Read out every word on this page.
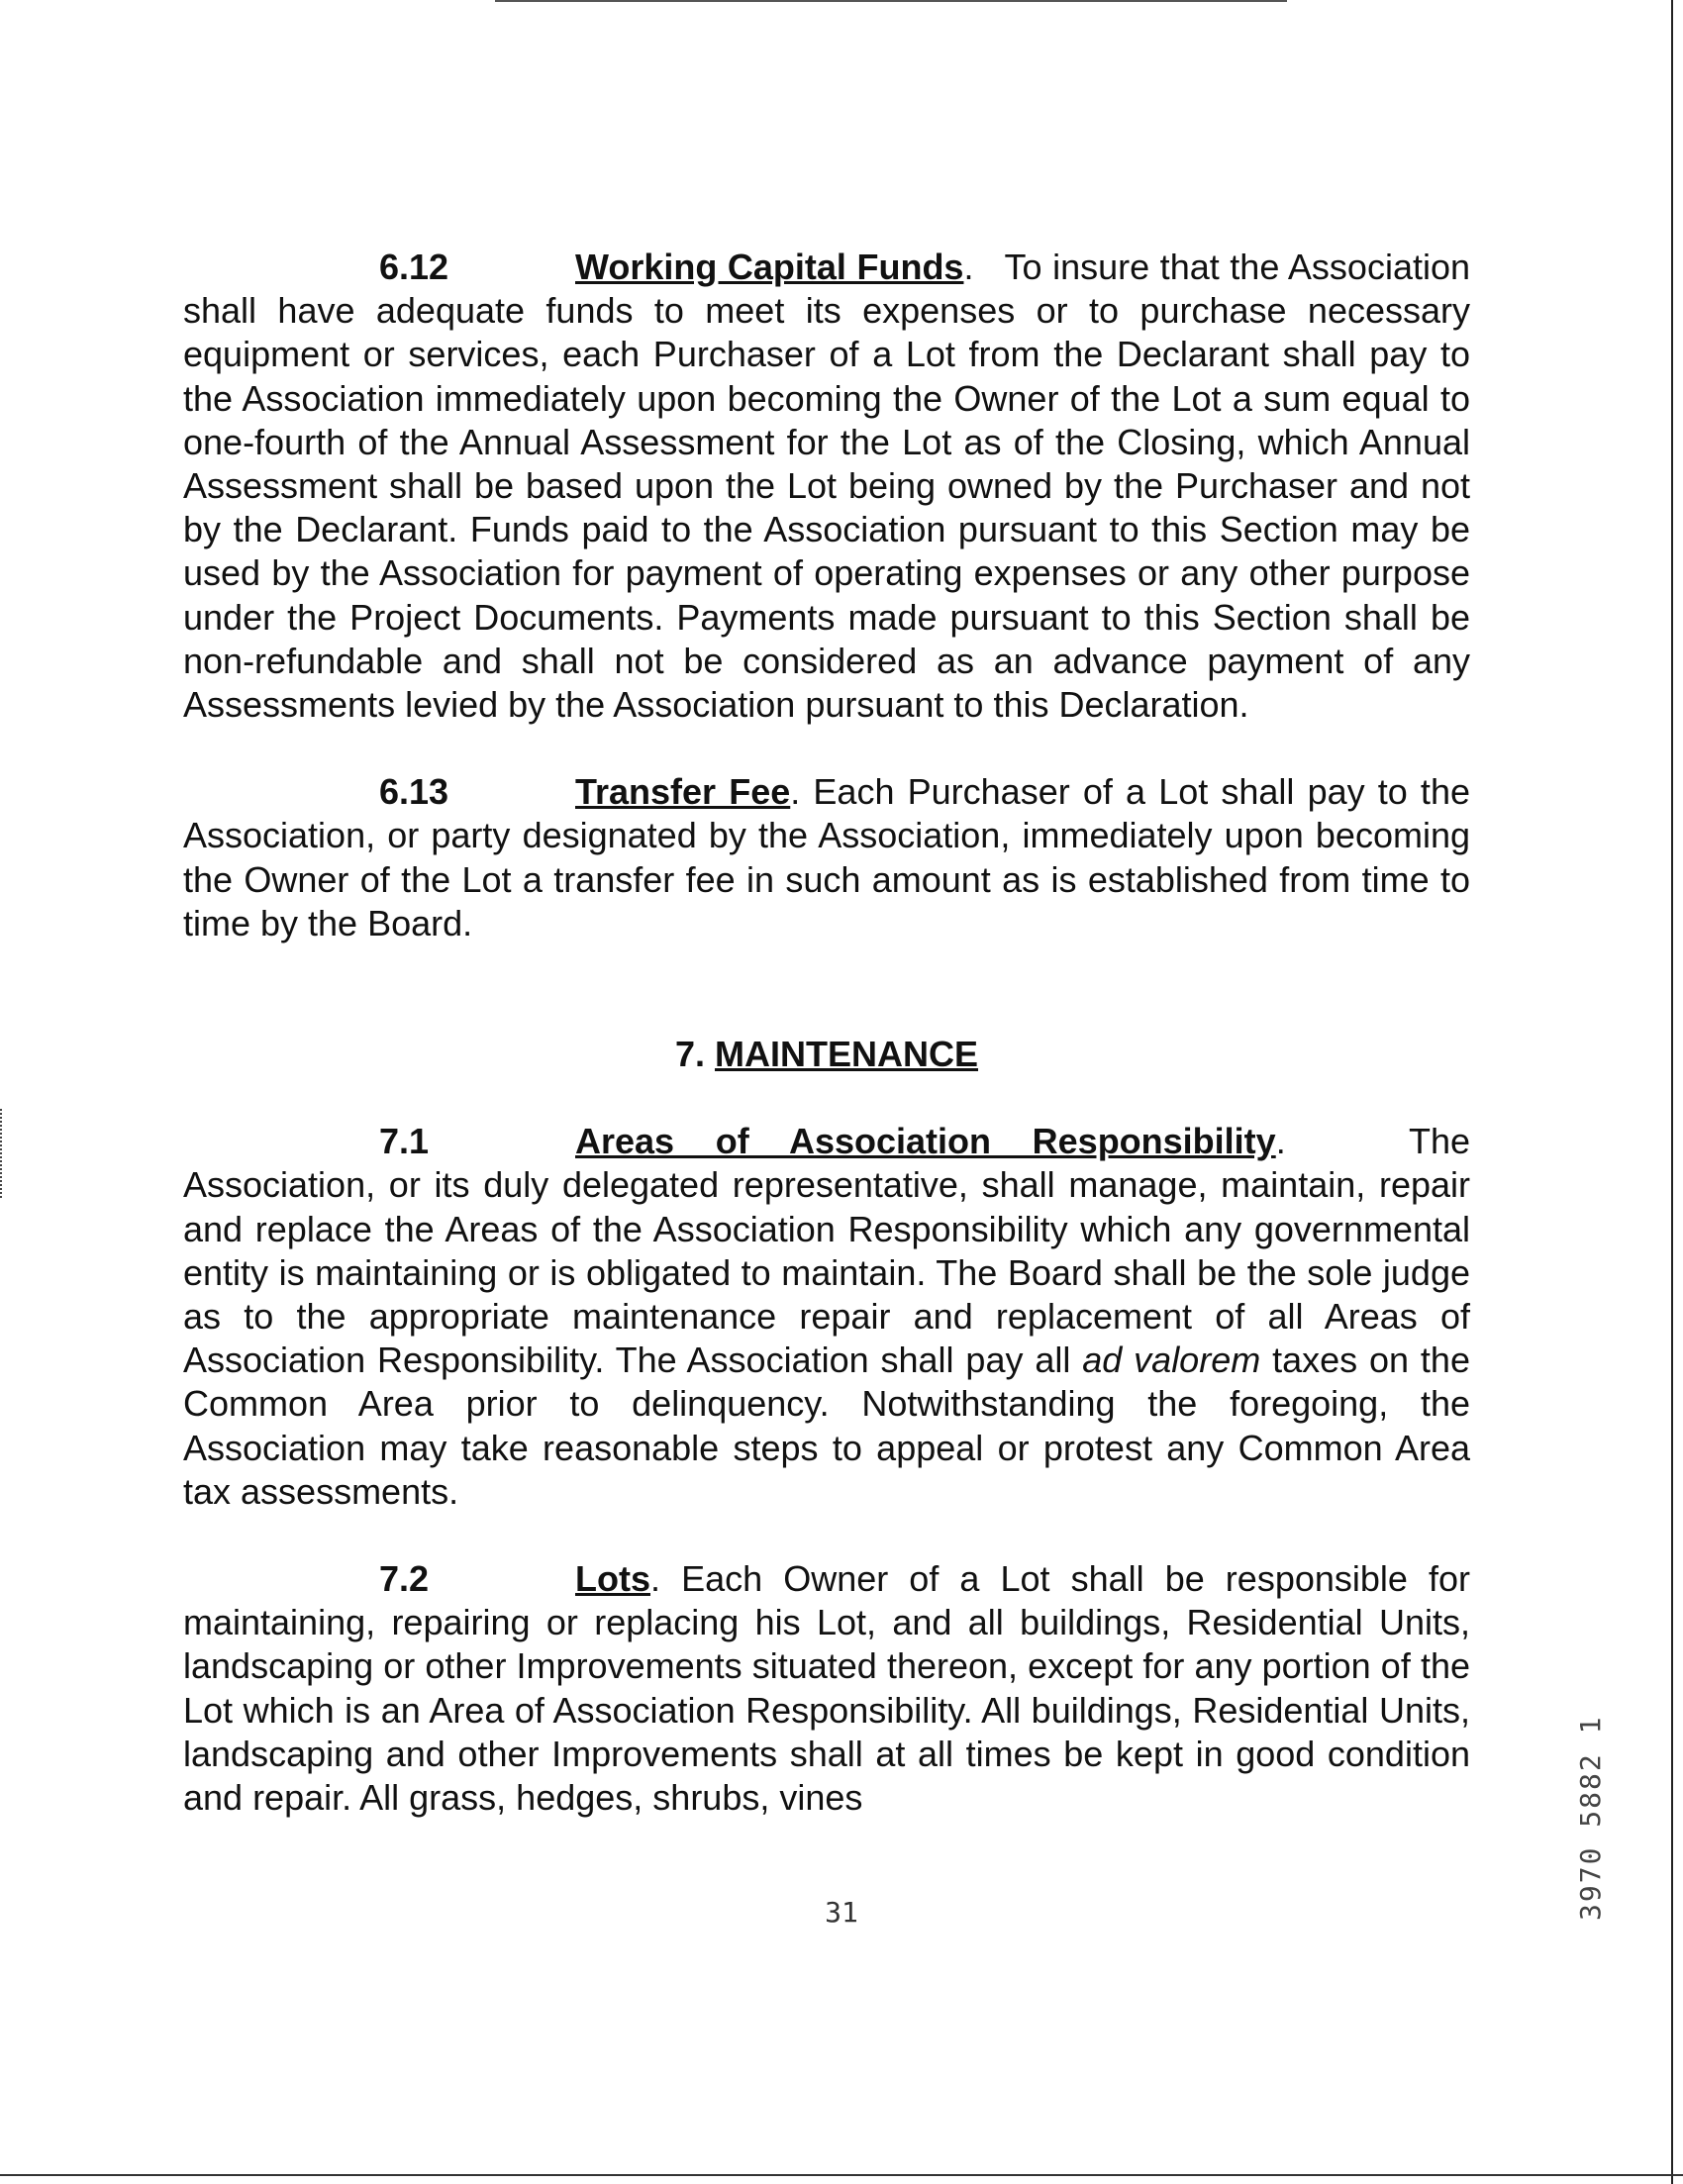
6.12	Working Capital Funds. To insure that the Association shall have adequate funds to meet its expenses or to purchase necessary equipment or services, each Purchaser of a Lot from the Declarant shall pay to the Association immediately upon becoming the Owner of the Lot a sum equal to one-fourth of the Annual Assessment for the Lot as of the Closing, which Annual Assessment shall be based upon the Lot being owned by the Purchaser and not by the Declarant. Funds paid to the Association pursuant to this Section may be used by the Association for payment of operating expenses or any other purpose under the Project Documents. Payments made pursuant to this Section shall be non-refundable and shall not be considered as an advance payment of any Assessments levied by the Association pursuant to this Declaration.

6.13	Transfer Fee. Each Purchaser of a Lot shall pay to the Association, or party designated by the Association, immediately upon becoming the Owner of the Lot a transfer fee in such amount as is established from time to time by the Board.

7. MAINTENANCE

7.1	Areas of Association Responsibility.	The Association, or its duly delegated representative, shall manage, maintain, repair and replace the Areas of the Association Responsibility which any governmental entity is maintaining or is obligated to maintain. The Board shall be the sole judge as to the appropriate maintenance repair and replacement of all Areas of Association Responsibility. The Association shall pay all ad valorem taxes on the Common Area prior to delinquency. Notwithstanding the foregoing, the Association may take reasonable steps to appeal or protest any Common Area tax assessments.

7.2	Lots. Each Owner of a Lot shall be responsible for maintaining, repairing or replacing his Lot, and all buildings, Residential Units, landscaping or other Improvements situated thereon, except for any portion of the Lot which is an Area of Association Responsibility. All buildings, Residential Units, landscaping and other Improvements shall at all times be kept in good condition and repair. All grass, hedges, shrubs, vines

31	3970 5882 1
